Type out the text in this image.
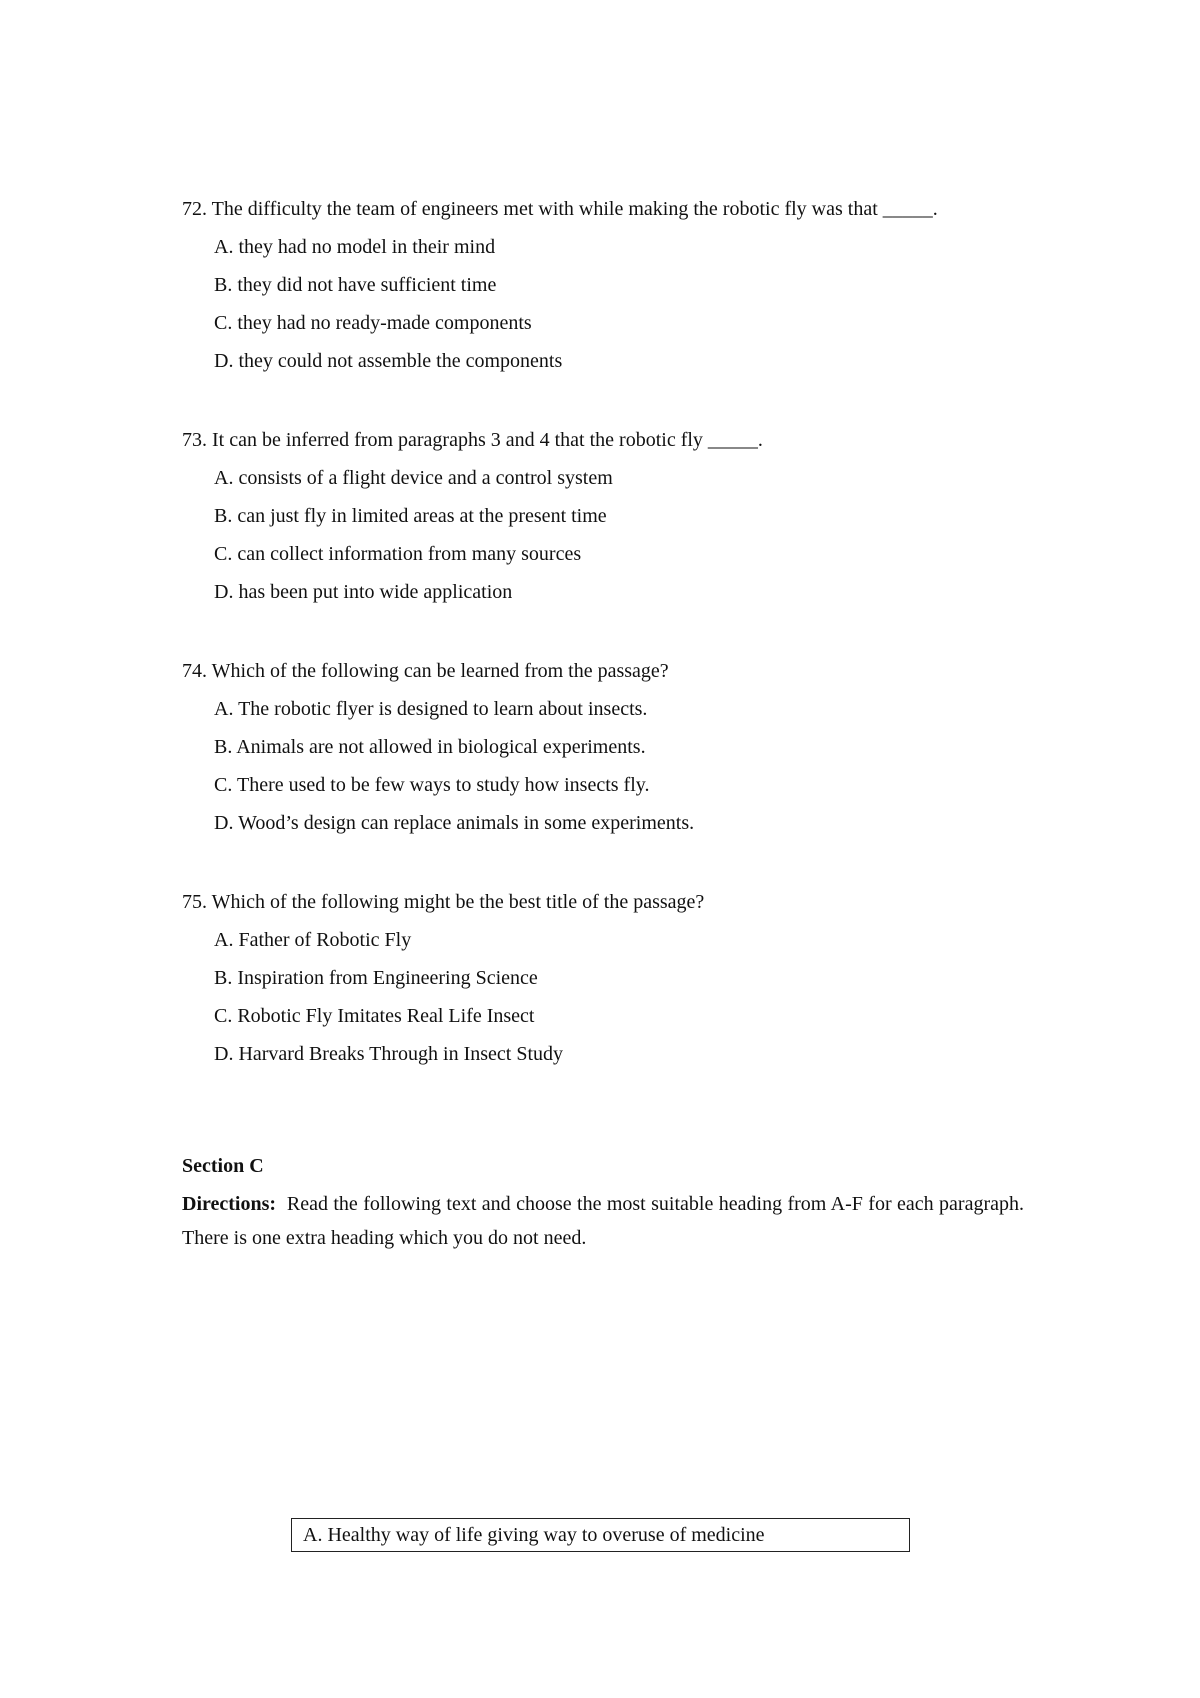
72. The difficulty the team of engineers met with while making the robotic fly was that _____.

A. they had no model in their mind

B. they did not have sufficient time

C. they had no ready-made components

D. they could not assemble the components

73. It can be inferred from paragraphs 3 and 4 that the robotic fly _____.

A. consists of a flight device and a control system

B. can just fly in limited areas at the present time

C. can collect information from many sources

D. has been put into wide application

74. Which of the following can be learned from the passage?

A. The robotic flyer is designed to learn about insects.

B. Animals are not allowed in biological experiments.

C. There used to be few ways to study how insects fly.

D. Wood’s design can replace animals in some experiments.

75. Which of the following might be the best title of the passage?

A. Father of Robotic Fly

B. Inspiration from Engineering Science

C. Robotic Fly Imitates Real Life Insect

D. Harvard Breaks Through in Insect Study

Section C

Directions: Read the following text and choose the most suitable heading from A-F for each paragraph.    There is one extra heading which you do not need.

A. Healthy way of life giving way to overuse of medicine
